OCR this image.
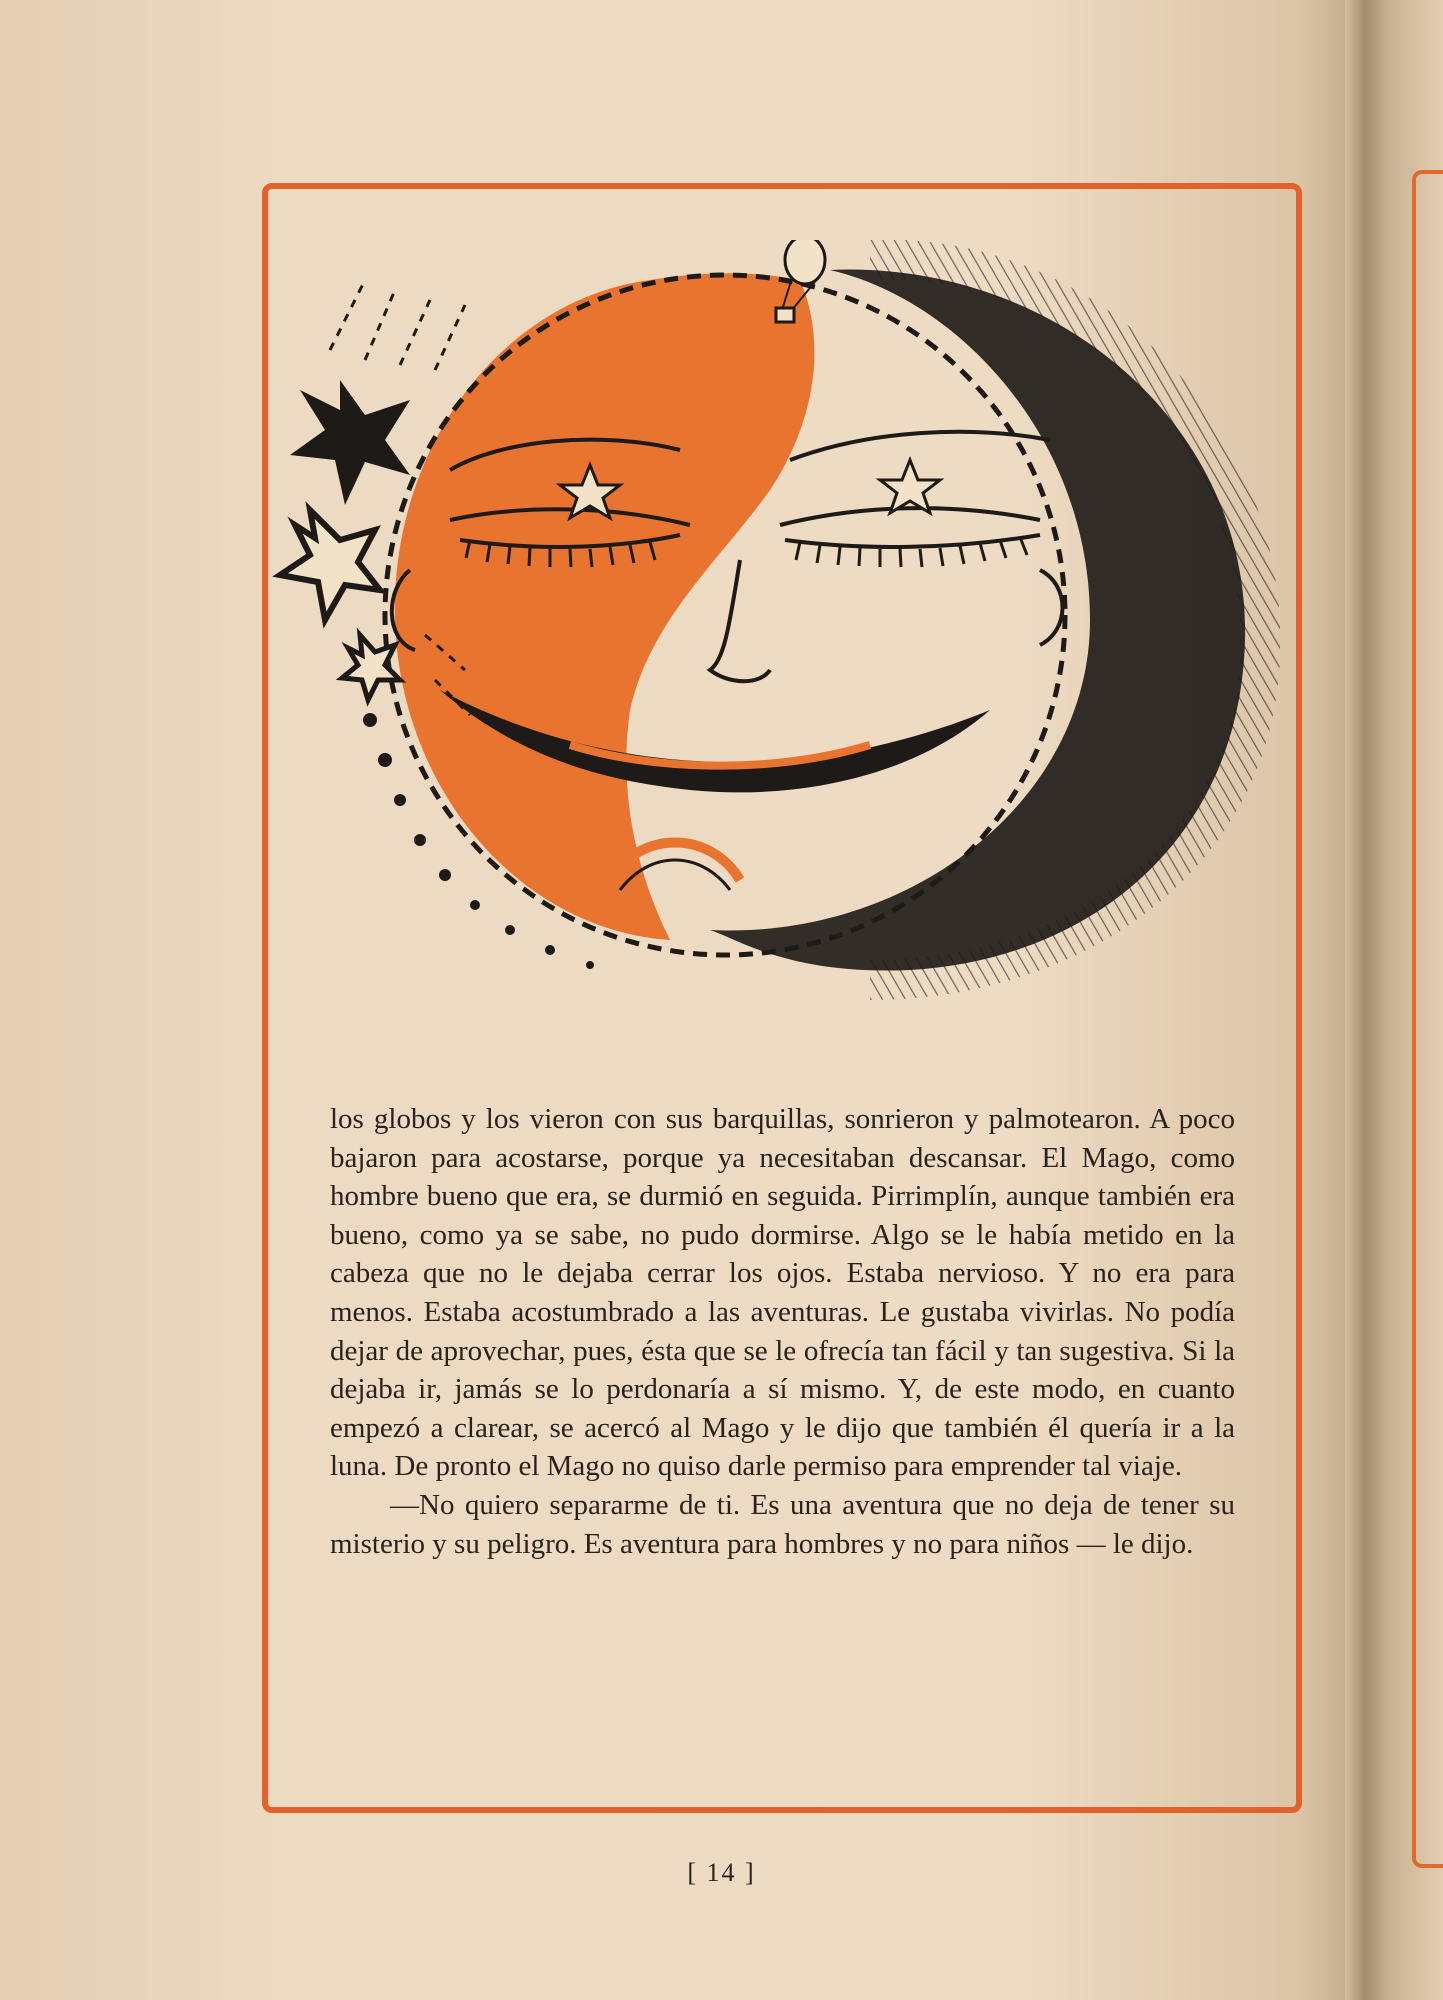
los globos y los vieron con sus barquillas, sonrieron y palmotearon. A poco bajaron para acostarse, porque ya necesitaban descansar. El Mago, como hombre bueno que era, se durmió en seguida. Pirrimplín, aunque también era bueno, como ya se sabe, no pudo dormirse. Algo se le había metido en la cabeza que no le dejaba cerrar los ojos. Estaba nervioso. Y no era para menos. Estaba acostumbrado a las aventuras. Le gustaba vivirlas. No podía dejar de aprovechar, pues, ésta que se le ofrecía tan fácil y tan sugestiva. Si la dejaba ir, jamás se lo perdonaría a sí mismo. Y, de este modo, en cuanto empezó a clarear, se acercó al Mago y le dijo que también él quería ir a la luna. De pronto el Mago no quiso darle permiso para emprender tal viaje.

—No quiero separarme de ti. Es una aventura que no deja de tener su misterio y su peligro. Es aventura para hombres y no para niños — le dijo.

[ 14 ]
